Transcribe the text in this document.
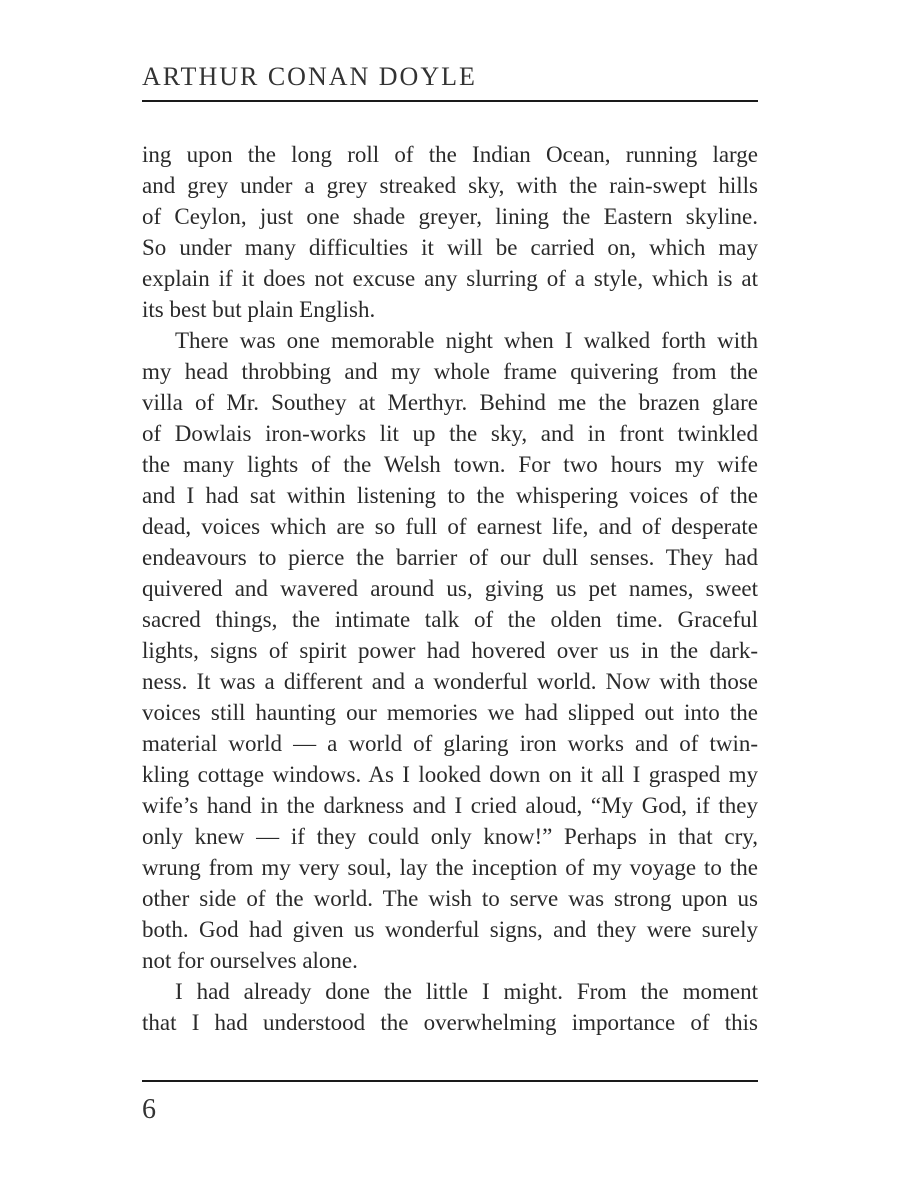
ARTHUR CONAN DOYLE
ing upon the long roll of the Indian Ocean, running large
and grey under a grey streaked sky, with the rain-swept hills
of Ceylon, just one shade greyer, lining the Eastern skyline.
So under many difficulties it will be carried on, which may
explain if it does not excuse any slurring of a style, which is at
its best but plain English.
There was one memorable night when I walked forth with
my head throbbing and my whole frame quivering from the
villa of Mr. Southey at Merthyr. Behind me the brazen glare
of Dowlais iron-works lit up the sky, and in front twinkled
the many lights of the Welsh town. For two hours my wife
and I had sat within listening to the whispering voices of the
dead, voices which are so full of earnest life, and of desperate
endeavours to pierce the barrier of our dull senses. They had
quivered and wavered around us, giving us pet names, sweet
sacred things, the intimate talk of the olden time. Graceful
lights, signs of spirit power had hovered over us in the dark-
ness. It was a different and a wonderful world. Now with those
voices still haunting our memories we had slipped out into the
material world — a world of glaring iron works and of twin-
kling cottage windows. As I looked down on it all I grasped my
wife’s hand in the darkness and I cried aloud, “My God, if they
only knew — if they could only know!” Perhaps in that cry,
wrung from my very soul, lay the inception of my voyage to the
other side of the world. The wish to serve was strong upon us
both. God had given us wonderful signs, and they were surely
not for ourselves alone.
I had already done the little I might. From the moment
that I had understood the overwhelming importance of this
6
